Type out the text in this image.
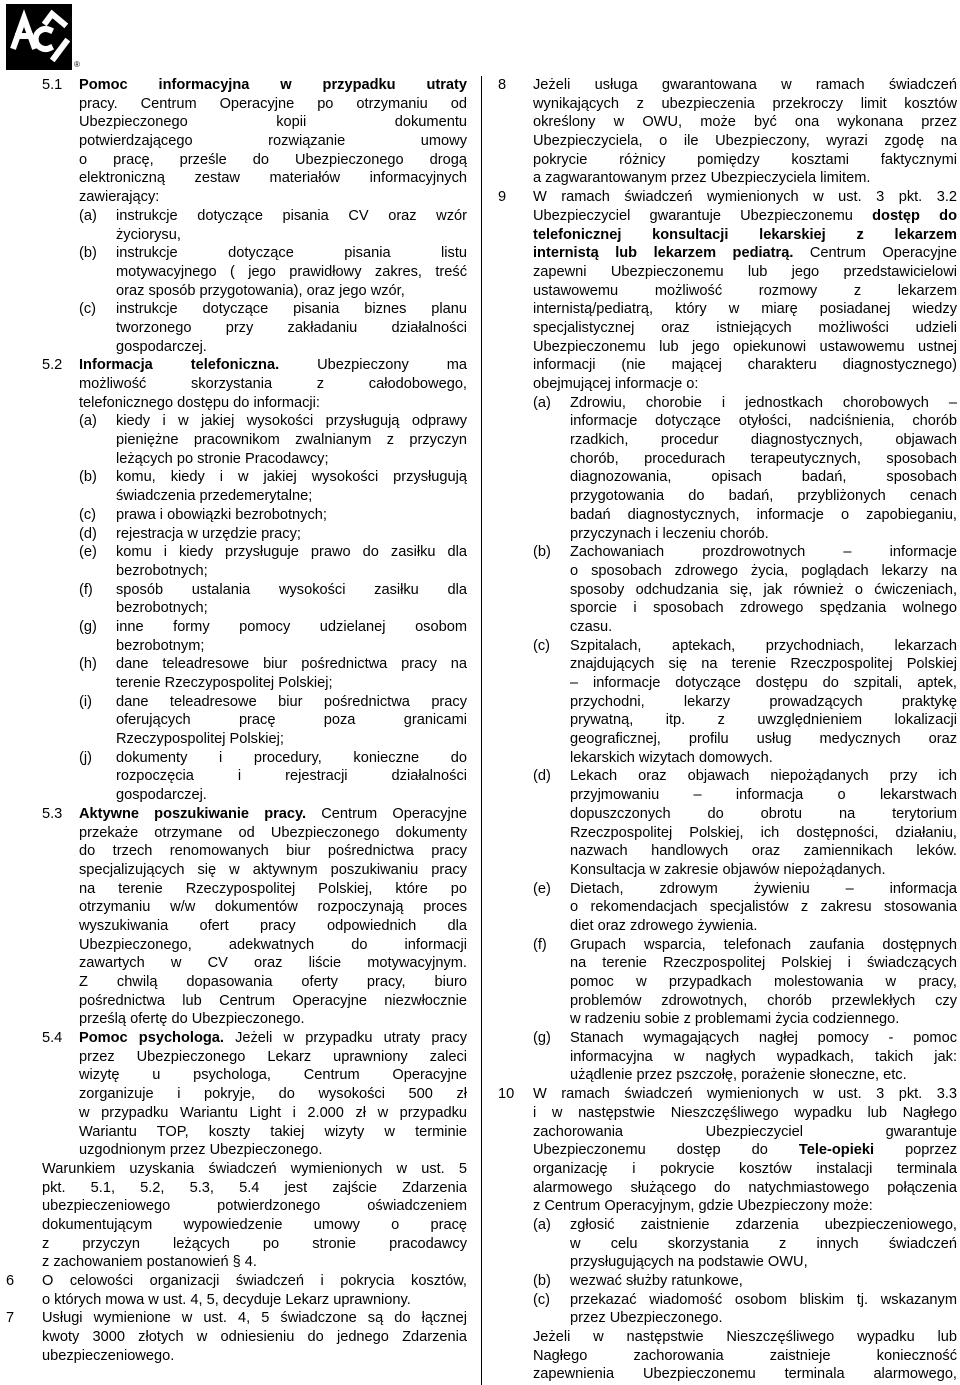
®
5.1	Pomoc informacyjna w przypadku utraty
pracy. Centrum Operacyjne po otrzymaniu od
Ubezpieczonego kopii dokumentu
potwierdzającego rozwiązanie umowy
o pracę, prześle do Ubezpieczonego drogą
elektroniczną zestaw materiałów informacyjnych
zawierający:
(a)	instrukcje dotyczące pisania CV oraz wzór
życiorysu,
(b)	instrukcje dotyczące pisania listu
motywacyjnego ( jego prawidłowy zakres, treść
oraz sposób przygotowania), oraz jego wzór,
(c)	instrukcje dotyczące pisania biznes planu
tworzonego przy zakładaniu działalności
gospodarczej.
5.2	Informacja telefoniczna. Ubezpieczony ma
możliwość skorzystania z całodobowego,
telefonicznego dostępu do informacji:
(a)	kiedy i w jakiej wysokości przysługują odprawy
pieniężne pracownikom zwalnianym z przyczyn
leżących po stronie Pracodawcy;
(b)	komu, kiedy i w jakiej wysokości przysługują
świadczenia przedemerytalne;
(c)	prawa i obowiązki bezrobotnych;
(d)	rejestracja w urzędzie pracy;
(e)	komu i kiedy przysługuje prawo do zasiłku dla
bezrobotnych;
(f)	sposób ustalania wysokości zasiłku dla
bezrobotnych;
(g)	inne formy pomocy udzielanej osobom
bezrobotnym;
(h)	dane teleadresowe biur pośrednictwa pracy na
terenie Rzeczypospolitej Polskiej;
(i)	dane teleadresowe biur pośrednictwa pracy
oferujących pracę poza granicami
Rzeczypospolitej Polskiej;
(j)	dokumenty i procedury, konieczne do
rozpoczęcia i rejestracji działalności
gospodarczej.
5.3	Aktywne poszukiwanie pracy. Centrum Operacyjne
przekaże otrzymane od Ubezpieczonego dokumenty
do trzech renomowanych biur pośrednictwa pracy
specjalizujących się w aktywnym poszukiwaniu pracy
na terenie Rzeczypospolitej Polskiej, które po
otrzymaniu w/w dokumentów rozpoczynają proces
wyszukiwania ofert pracy odpowiednich dla
Ubezpieczonego, adekwatnych do informacji
zawartych w CV oraz liście motywacyjnym.
Z chwilą dopasowania oferty pracy, biuro
pośrednictwa lub Centrum Operacyjne niezwłocznie
prześlą ofertę do Ubezpieczonego.
5.4	Pomoc psychologa. Jeżeli w przypadku utraty pracy
przez Ubezpieczonego Lekarz uprawniony zaleci
wizytę u psychologa, Centrum Operacyjne
zorganizuje i pokryje, do wysokości 500 zł
w przypadku Wariantu Light i 2.000 zł w przypadku
Wariantu TOP, koszty takiej wizyty w terminie
uzgodnionym przez Ubezpieczonego.
Warunkiem uzyskania świadczeń wymienionych w ust. 5
pkt. 5.1, 5.2, 5.3, 5.4 jest zajście Zdarzenia
ubezpieczeniowego potwierdzonego oświadczeniem
dokumentującym wypowiedzenie umowy o pracę
z przyczyn leżących po stronie pracodawcy
z zachowaniem postanowień § 4.
6 O celowości organizacji świadczeń i pokrycia kosztów,
o których mowa w ust. 4, 5, decyduje Lekarz uprawniony.
7 Usługi wymienione w ust. 4, 5 świadczone są do łącznej
kwoty 3000 złotych w odniesieniu do jednego Zdarzenia
ubezpieczeniowego.
8 Jeżeli usługa gwarantowana w ramach świadczeń
wynikających z ubezpieczenia przekroczy limit kosztów
określony w OWU, może być ona wykonana przez
Ubezpieczyciela, o ile Ubezpieczony, wyrazi zgodę na
pokrycie różnicy pomiędzy kosztami faktycznymi
a zagwarantowanym przez Ubezpieczyciela limitem.
9 W ramach świadczeń wymienionych w ust. 3 pkt. 3.2
Ubezpieczyciel gwarantuje Ubezpieczonemu dostęp do
telefonicznej konsultacji lekarskiej z lekarzem
internistą lub lekarzem pediatrą. Centrum Operacyjne
zapewni Ubezpieczonemu lub jego przedstawicielowi
ustawowemu możliwość rozmowy z lekarzem
internistą/pediatrą, który w miarę posiadanej wiedzy
specjalistycznej oraz istniejących możliwości udzieli
Ubezpieczonemu lub jego opiekunowi ustawowemu ustnej
informacji (nie mającej charakteru diagnostycznego)
obejmującej informacje o:
(a)	Zdrowiu, chorobie i jednostkach chorobowych –
informacje dotyczące otyłości, nadciśnienia, chorób
rzadkich, procedur diagnostycznych, objawach
chorób, procedurach terapeutycznych, sposobach
diagnozowania, opisach badań, sposobach
przygotowania do badań, przybliżonych cenach
badań diagnostycznych, informacje o zapobieganiu,
przyczynach i leczeniu chorób.
(b)	Zachowaniach prozdrowotnych – informacje
o sposobach zdrowego życia, poglądach lekarzy na
sposoby odchudzania się, jak również o ćwiczeniach,
sporcie i sposobach zdrowego spędzania wolnego
czasu.
(c)	Szpitalach, aptekach, przychodniach, lekarzach
znajdujących się na terenie Rzeczpospolitej Polskiej
– informacje dotyczące dostępu do szpitali, aptek,
przychodni, lekarzy prowadzących praktykę
prywatną, itp. z uwzględnieniem lokalizacji
geograficznej, profilu usług medycznych oraz
lekarskich wizytach domowych.
(d)	Lekach oraz objawach niepożądanych przy ich
przyjmowaniu – informacja o lekarstwach
dopuszczonych do obrotu na terytorium
Rzeczpospolitej Polskiej, ich dostępności, działaniu,
nazwach handlowych oraz zamiennikach leków.
Konsultacja w zakresie objawów niepożądanych.
(e)	Dietach, zdrowym żywieniu – informacja
o rekomendacjach specjalistów z zakresu stosowania
diet oraz zdrowego żywienia.
(f)	Grupach wsparcia, telefonach zaufania dostępnych
na terenie Rzeczpospolitej Polskiej i świadczących
pomoc w przypadkach molestowania w pracy,
problemów zdrowotnych, chorób przewlekłych czy
w radzeniu sobie z problemami życia codziennego.
(g)	Stanach wymagających nagłej pomocy - pomoc
informacyjna w nagłych wypadkach, takich jak:
użądlenie przez pszczołę, porażenie słoneczne, etc.
10 W ramach świadczeń wymienionych w ust. 3 pkt. 3.3
i w następstwie Nieszczęśliwego wypadku lub Nagłego
zachorowania Ubezpieczyciel gwarantuje
Ubezpieczonemu dostęp do Tele-opieki poprzez
organizację i pokrycie kosztów instalacji terminala
alarmowego służącego do natychmiastowego połączenia
z Centrum Operacyjnym, gdzie Ubezpieczony może:
(a)	zgłosić zaistnienie zdarzenia ubezpieczeniowego,
w celu skorzystania z innych świadczeń
przysługujących na podstawie OWU,
(b)	wezwać służby ratunkowe,
(c)	przekazać wiadomość osobom bliskim tj. wskazanym
przez Ubezpieczonego.
Jeżeli w następstwie Nieszczęśliwego wypadku lub
Nagłego zachorowania zaistnieje konieczność
zapewnienia Ubezpieczonemu terminala alarmowego,
